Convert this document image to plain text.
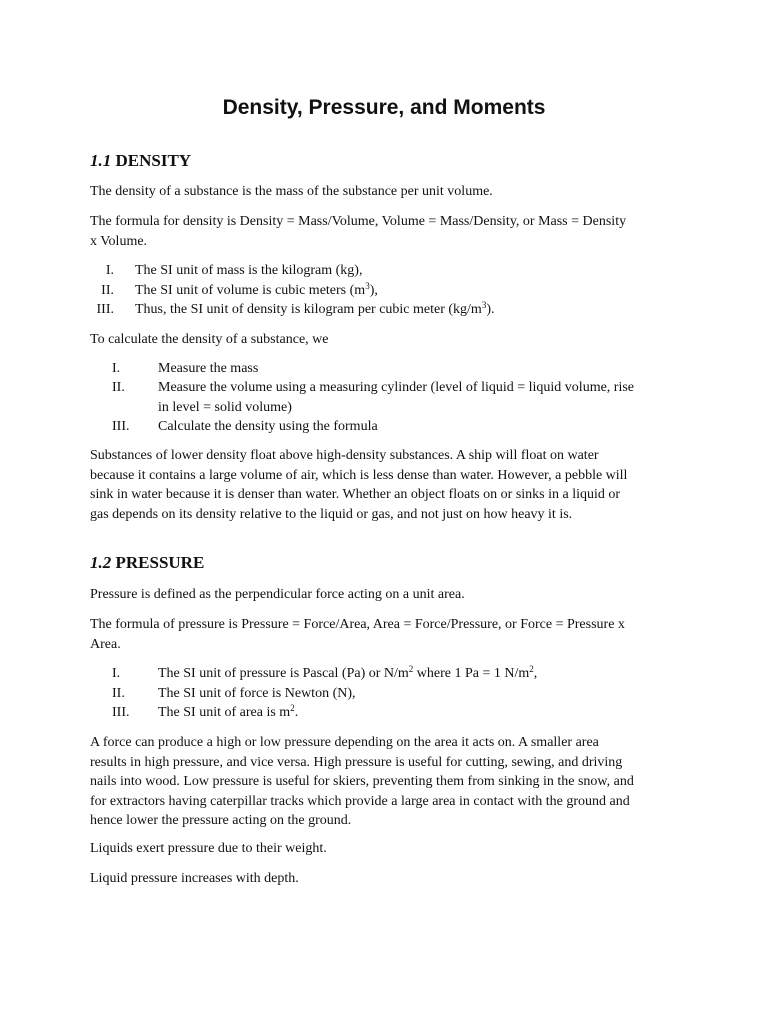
Density, Pressure, and Moments
1.1 DENSITY

The density of a substance is the mass of the substance per unit volume.

The formula for density is Density = Mass/Volume, Volume = Mass/Density, or Mass = Density
x Volume.
I. The SI unit of mass is the kilogram (kg),
II. The SI unit of volume is cubic meters $(m^3)$,
III. Thus, the SI unit of density is kilogram per cubic meter $(kg/m^3)$.

To calculate the density of a substance, we

I.	Measure the mass
II. Measure the volume using a measuring cylinder (level of liquid = liquid volume, rise
in level = solid volume)
III. Calculate the density using the formula
Substances of lower density float above high-density substances. A ship will float on water
because it contains a large volume of air, which is less dense than water. However, a pebble will
sink in water because it is denser than water. Whether an object floats on or sinks in a liquid or
gas depends on its density relative to the liquid or gas, and not just on how heavy it is.
1.2 PRESSURE

Pressure is defined as the perpendicular force acting on a unit area.

The formula of pressure is Pressure = Force/Area, Area = Force/Pressure, or Force = Pressure x
Area.
I.	The SI unit of pressure is Pascal (Pa) or $N/m^2$ where 1 Pa = 1 $N/m^2$,
II. The SI unit of force is Newton (N),
III. The SI unit of area is $m^2$.
A force can produce a high or low pressure depending on the area it acts on. A smaller area
results in high pressure, and vice versa. High pressure is useful for cutting, sewing, and driving
nails into wood. Low pressure is useful for skiers, preventing them from sinking in the snow, and
for extractors having caterpillar tracks which provide a large area in contact with the ground and
hence lower the pressure acting on the ground.

Liquids exert pressure due to their weight.

Liquid pressure increases with depth.
